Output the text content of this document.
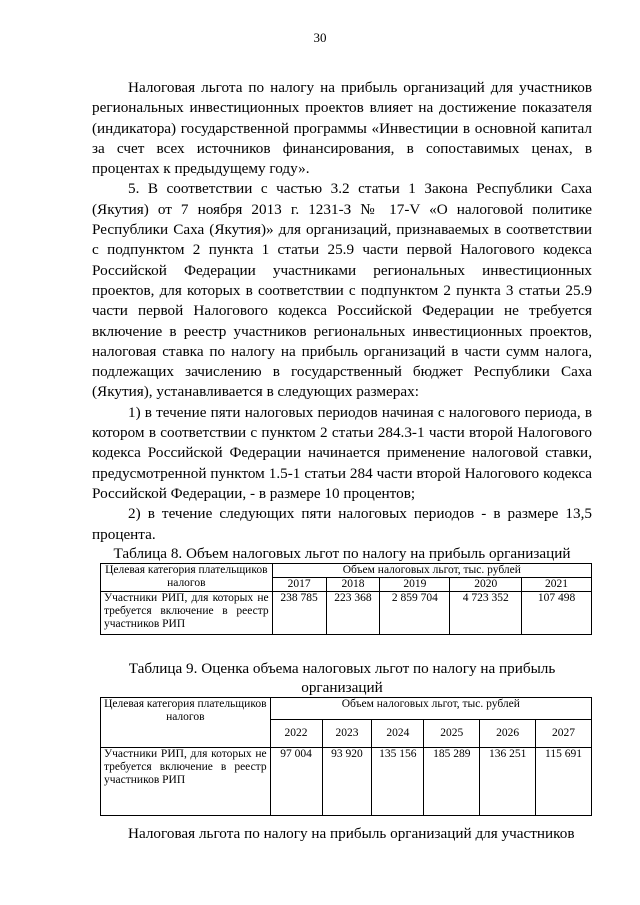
30

Налоговая льгота по налогу на прибыль организаций для участников региональных инвестиционных проектов влияет на достижение показателя (индикатора) государственной программы «Инвестиции в основной капитал за счет всех источников финансирования, в сопоставимых ценах, в процентах к предыдущему году».

5. В соответствии с частью 3.2 статьи 1 Закона Республики Саха (Якутия) от 7 ноября 2013 г. 1231-З № 17-V «О налоговой политике Республики Саха (Якутия)» для организаций, признаваемых в соответствии с подпунктом 2 пункта 1 статьи 25.9 части первой Налогового кодекса Российской Федерации участниками региональных инвестиционных проектов, для которых в соответствии с подпунктом 2 пункта 3 статьи 25.9 части первой Налогового кодекса Российской Федерации не требуется включение в реестр участников региональных инвестиционных проектов, налоговая ставка по налогу на прибыль организаций в части сумм налога, подлежащих зачислению в государственный бюджет Республики Саха (Якутия), устанавливается в следующих размерах:

1) в течение пяти налоговых периодов начиная с налогового периода, в котором в соответствии с пунктом 2 статьи 284.3-1 части второй Налогового кодекса Российской Федерации начинается применение налоговой ставки, предусмотренной пунктом 1.5-1 статьи 284 части второй Налогового кодекса Российской Федерации, - в размере 10 процентов;

2) в течение следующих пяти налоговых периодов - в размере 13,5 процента.

Таблица 8. Объем налоговых льгот по налогу на прибыль организаций
Целевая категория плательщиков налогов	Объем налоговых льгот, тыс. рублей				
	2017	2018	2019	2020	2021
Участники РИП, для которых не требуется включение в реестр участников РИП	238 785	223 368	2 859 704	4 723 352	107 498
Таблица 9. Оценка объема налоговых льгот по налогу на прибыль организаций
Целевая категория плательщиков налогов	Объем налоговых льгот, тыс. рублей					
	2022	2023	2024	2025	2026	2027
Участники РИП, для которых не требуется включение в реестр участников РИП	97 004	93 920	135 156	185 289	136 251	115 691

Налоговая льгота по налогу на прибыль организаций для участников
